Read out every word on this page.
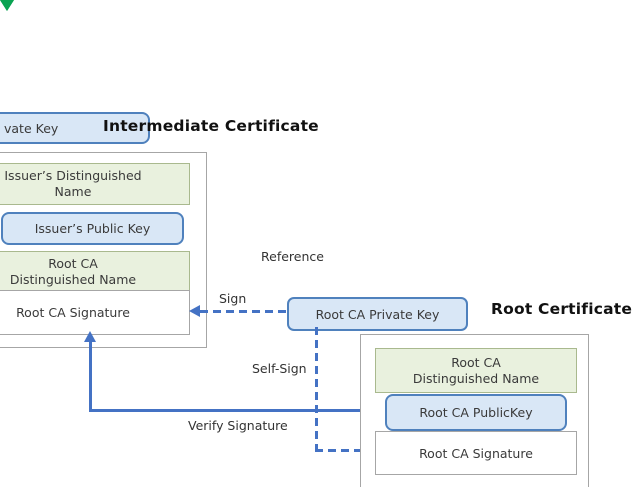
vate Key	Intermediate Certificate
Issuer’s Distinguished
Name
Issuer’s Public Key
Root CA
Distinguished Name
Root CA Signature
Reference
Sign
Root CA Private Key	Root Certificate
Self-Sign
Verify Signature
Root CA
Distinguished Name
Root CA PublicKey
Root CA Signature
